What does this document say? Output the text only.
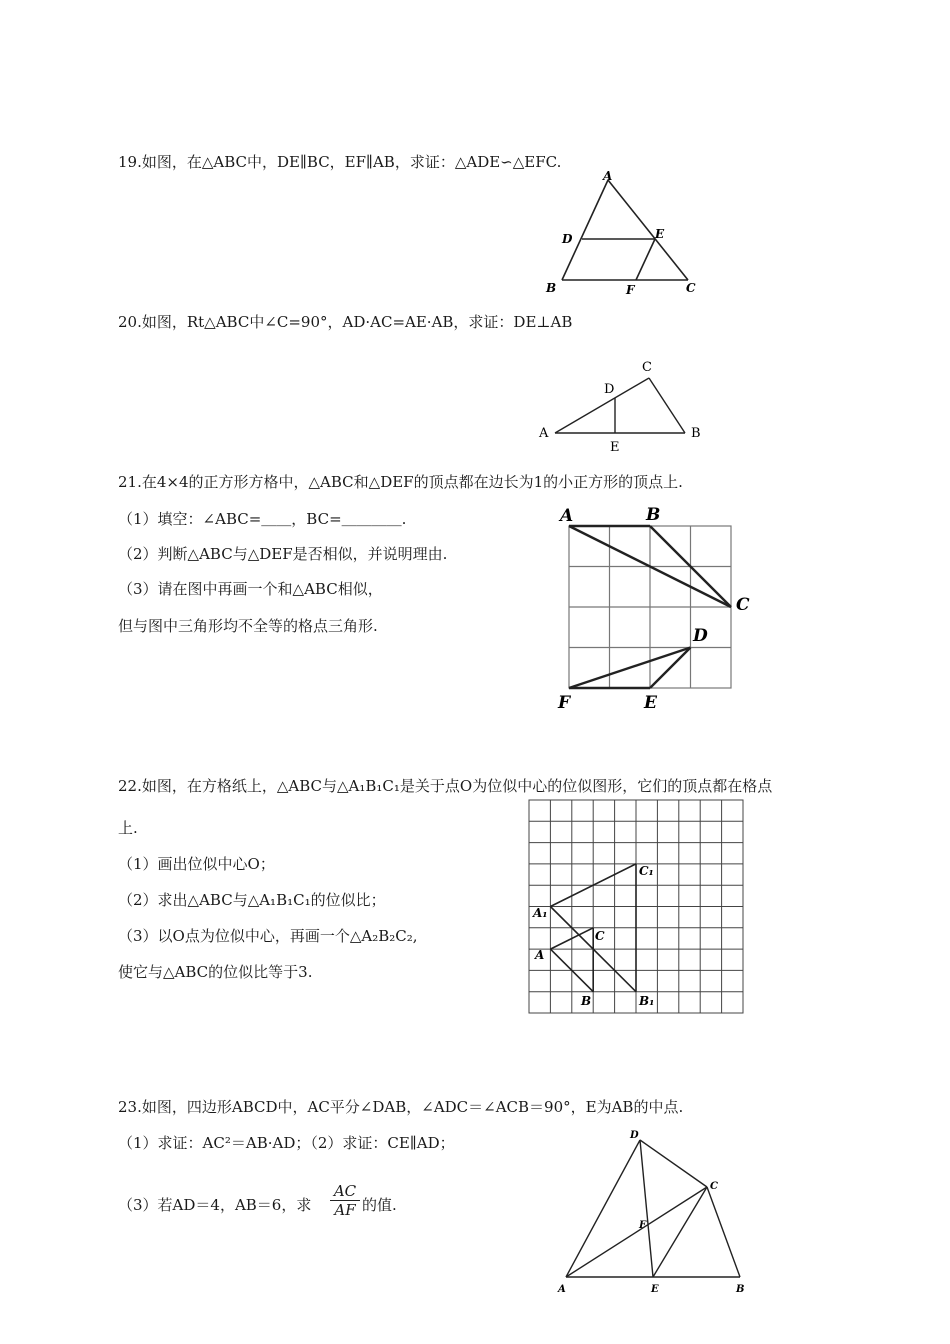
19.如图，在△ABC中，DE∥BC，EF∥AB，求证：△ADE∽△EFC.
A
D	E
B	F	C
20.如图，Rt△ABC中∠C=90°，AD·AC=AE·AB，求证：DE⊥AB
C
D
A	B
E
21.在4×4的正方形方格中，△ABC和△DEF的顶点都在边长为1的小正方形的顶点上.
（1）填空：∠ABC=＿＿，BC=＿＿＿＿.
（2）判断△ABC与△DEF是否相似，并说明理由.
（3）请在图中再画一个和△ABC相似，
但与图中三角形均不全等的格点三角形.
A	B
C
D
E
F
22.如图，在方格纸上，△ABC与△A₁B₁C₁是关于点O为位似中心的位似图形，它们的顶点都在格点
上.
（1）画出位似中心O；
（2）求出△ABC与△A₁B₁C₁的位似比；
（3）以O点为位似中心，再画一个△A₂B₂C₂,
使它与△ABC的位似比等于3.
C₁
A₁
C
A
B	B₁
23.如图，四边形ABCD中，AC平分∠DAB，∠ADC＝∠ACB＝90°，E为AB的中点.
（1）求证：AC²＝AB·AD；（2）求证：CE∥AD；
（3）若AD＝4，AB＝6，求 $\frac{AC}{AF}$ 的值.
D
C
F
A	E	B
